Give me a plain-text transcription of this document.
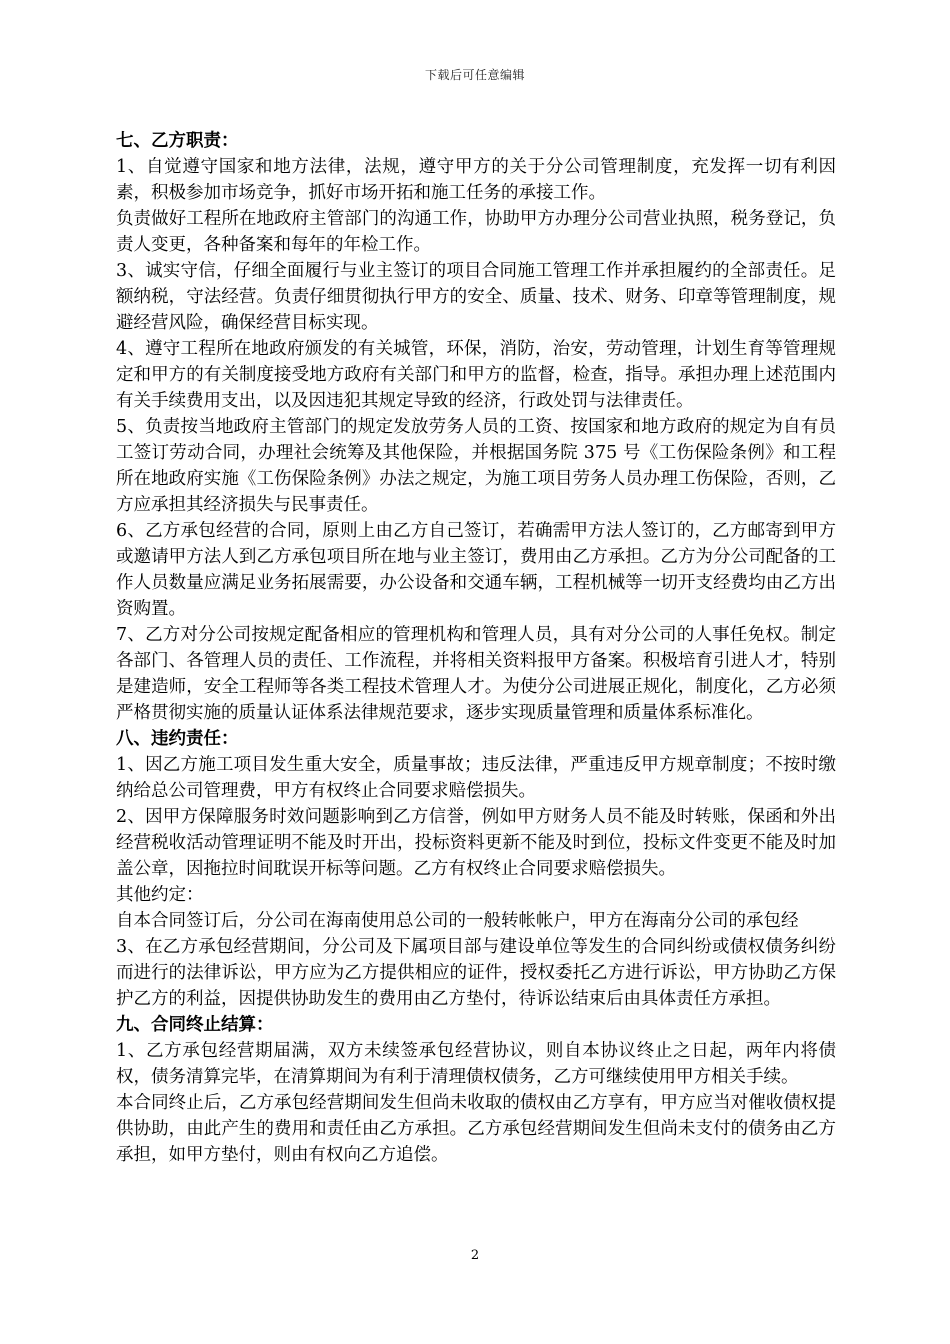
下载后可任意编辑
七、乙方职责：

1、自觉遵守国家和地方法律，法规，遵守甲方的关于分公司管理制度，充发挥一切有利因素，积极参加市场竞争，抓好市场开拓和施工任务的承接工作。

负责做好工程所在地政府主管部门的沟通工作，协助甲方办理分公司营业执照，税务登记，负责人变更，各种备案和每年的年检工作。

3、诚实守信，仔细全面履行与业主签订的项目合同施工管理工作并承担履约的全部责任。足额纳税，守法经营。负责仔细贯彻执行甲方的安全、质量、技术、财务、印章等管理制度，规避经营风险，确保经营目标实现。

4、遵守工程所在地政府颁发的有关城管，环保，消防，治安，劳动管理，计划生育等管理规定和甲方的有关制度接受地方政府有关部门和甲方的监督，检查，指导。承担办理上述范围内有关手续费用支出，以及因违犯其规定导致的经济，行政处罚与法律责任。

5、负责按当地政府主管部门的规定发放劳务人员的工资、按国家和地方政府的规定为自有员工签订劳动合同，办理社会统筹及其他保险，并根据国务院 375 号《工伤保险条例》和工程所在地政府实施《工伤保险条例》办法之规定，为施工项目劳务人员办理工伤保险，否则，乙方应承担其经济损失与民事责任。

6、乙方承包经营的合同，原则上由乙方自己签订，若确需甲方法人签订的，乙方邮寄到甲方或邀请甲方法人到乙方承包项目所在地与业主签订，费用由乙方承担。乙方为分公司配备的工作人员数量应满足业务拓展需要，办公设备和交通车辆，工程机械等一切开支经费均由乙方出资购置。

7、乙方对分公司按规定配备相应的管理机构和管理人员，具有对分公司的人事任免权。制定各部门、各管理人员的责任、工作流程，并将相关资料报甲方备案。积极培育引进人才，特别是建造师，安全工程师等各类工程技术管理人才。为使分公司进展正规化，制度化，乙方必须严格贯彻实施的质量认证体系法律规范要求，逐步实现质量管理和质量体系标准化。

八、违约责任：

1、因乙方施工项目发生重大安全，质量事故；违反法律，严重违反甲方规章制度；不按时缴纳给总公司管理费，甲方有权终止合同要求赔偿损失。

2、因甲方保障服务时效问题影响到乙方信誉，例如甲方财务人员不能及时转账，保函和外出经营税收活动管理证明不能及时开出，投标资料更新不能及时到位，投标文件变更不能及时加盖公章，因拖拉时间耽误开标等问题。乙方有权终止合同要求赔偿损失。

其他约定：

自本合同签订后，分公司在海南使用总公司的一般转帐帐户，甲方在海南分公司的承包经

3、在乙方承包经营期间，分公司及下属项目部与建设单位等发生的合同纠纷或债权债务纠纷而进行的法律诉讼，甲方应为乙方提供相应的证件，授权委托乙方进行诉讼，甲方协助乙方保护乙方的利益，因提供协助发生的费用由乙方垫付，待诉讼结束后由具体责任方承担。

九、合同终止结算：

1、乙方承包经营期届满，双方未续签承包经营协议，则自本协议终止之日起，两年内将债权，债务清算完毕，在清算期间为有利于清理债权债务，乙方可继续使用甲方相关手续。

本合同终止后，乙方承包经营期间发生但尚未收取的债权由乙方享有，甲方应当对催收债权提供协助，由此产生的费用和责任由乙方承担。乙方承包经营期间发生但尚未支付的债务由乙方承担，如甲方垫付，则由有权向乙方追偿。

2
